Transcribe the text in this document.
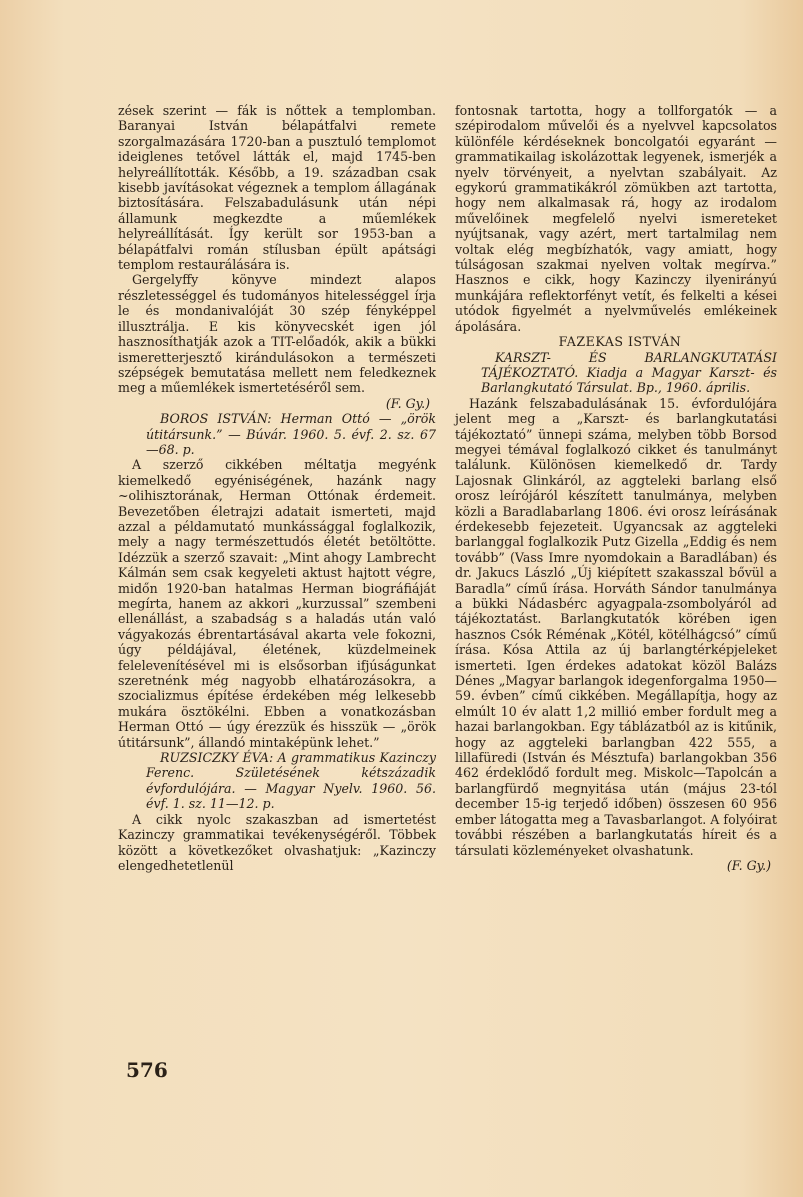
zések szerint — fák is nőttek a templomban. Baranyai István bélapátfalvi remete szorgalmazására 1720-ban a pusztuló templomot ideiglenes tetővel látták el, majd 1745-ben helyreállították. Később, a 19. században csak kisebb javításokat végeznek a templom állagának biztosítására. Felszabadulásunk után népi államunk megkezdte a műemlékek helyreállítását. Így került sor 1953-ban a bélapátfalvi román stílusban épült apátsági templom restaurálására is.

Gergelyffy könyve mindezt alapos részletességgel és tudományos hitelességgel írja le és mondanivalóját 30 szép fényképpel illusztrálja. E kis könyvecskét igen jól hasznosíthatják azok a TIT-előadók, akik a bükki ismeretterjesztő kirándulásokon a természeti szépségek bemutatása mellett nem feledkeznek meg a műemlékek ismertetéséről sem.

(F. Gy.)

BOROS ISTVÁN: Herman Ottó — „örök útitársunk.” — Búvár. 1960. 5. évf. 2. sz. 67—68. p.

A szerző cikkében méltatja megyénk kiemelkedő egyéniségének, hazánk nagy ~olihisztorának, Herman Ottónak érdemeit. Bevezetőben életrajzi adatait ismerteti, majd azzal a példamutató munkássággal foglalkozik, mely a nagy természettudós életét betöltötte. Idézzük a szerző szavait: „Mint ahogy Lambrecht Kálmán sem csak kegyeleti aktust hajtott végre, midőn 1920-ban hatalmas Herman biográfiáját megírta, hanem az akkori „kurzussal” szembeni ellenállást, a szabadság s a haladás után való vágyakozás ébrentartásával akarta vele fokozni, úgy példájával, életének, küzdelmeinek felelevenítésével mi is elsősorban ifjúságunkat szeretnénk még nagyobb elhatározásokra, a szocializmus építése érdekében még lelkesebb mukára ösztökélni. Ebben a vonatkozásban Herman Ottó — úgy érezzük és hisszük — „örök útitársunk”, állandó mintaképünk lehet.”

RUZSICZKY ÉVA: A grammatikus Kazinczy Ferenc. Születésének kétszázadik évfordulójára. — Magyar Nyelv. 1960. 56. évf. 1. sz. 11—12. p.

A cikk nyolc szakaszban ad ismertetést Kazinczy grammatikai tevékenységéről. Többek között a következőket olvashatjuk: „Kazinczy elengedhetetlenül

fontosnak tartotta, hogy a tollforgatók — a szépirodalom művelői és a nyelvvel kapcsolatos különféle kérdéseknek boncolgatói egyaránt — grammatikailag iskolázottak legyenek, ismerjék a nyelv törvényeit, a nyelvtan szabályait. Az egykorú grammatikákról zömükben azt tartotta, hogy nem alkalmasak rá, hogy az irodalom művelőinek megfelelő nyelvi ismereteket nyújtsanak, vagy azért, mert tartalmilag nem voltak elég megbízhatók, vagy amiatt, hogy túlságosan szakmai nyelven voltak megírva.” Hasznos e cikk, hogy Kazinczy ilyenirányú munkájára reflektorfényt vetít, és felkelti a kései utódok figyelmét a nyelvművelés emlékeinek ápolására.

FAZEKAS ISTVÁN

KARSZT- ÉS BARLANGKUTATÁSI TÁJÉKOZTATÓ. Kiadja a Magyar Karszt- és Barlangkutató Társulat. Bp., 1960. április.

Hazánk felszabadulásának 15. évfordulójára jelent meg a „Karszt- és barlangkutatási tájékoztató” ünnepi száma, melyben több Borsod megyei témával foglalkozó cikket és tanulmányt találunk. Különösen kiemelkedő dr. Tardy Lajosnak Glinkáról, az aggteleki barlang első orosz leírójáról készített tanulmánya, melyben közli a Baradlabarlang 1806. évi orosz leírásának érdekesebb fejezeteit. Ugyancsak az aggteleki barlanggal foglalkozik Putz Gizella „Eddig és nem tovább” (Vass Imre nyomdokain a Baradlában) és dr. Jakucs László „Új kiépített szakasszal bővül a Baradla” című írása. Horváth Sándor tanulmánya a bükki Nádasbérc agyagpala-zsombolyáról ad tájékoztatást. Barlangkutatók körében igen hasznos Csók Réménak „Kötél, kötélhágcsó” című írása. Kósa Attila az új barlangtérképjeleket ismerteti. Igen érdekes adatokat közöl Balázs Dénes „Magyar barlangok idegenforgalma 1950—59. évben” című cikkében. Megállapítja, hogy az elmúlt 10 év alatt 1,2 millió ember fordult meg a hazai barlangokban. Egy táblázatból az is kitűnik, hogy az aggteleki barlangban 422 555, a lillafüredi (István és Mésztufa) barlangokban 356 462 érdeklődő fordult meg. Miskolc—Tapolcán a barlangfürdő megnyitása után (május 23-tól december 15-ig terjedő időben) összesen 60 956 ember látogatta meg a Tavasbarlangot. A folyóirat további részében a barlangkutatás híreit és a társulati közleményeket olvashatunk.

(F. Gy.)

576
